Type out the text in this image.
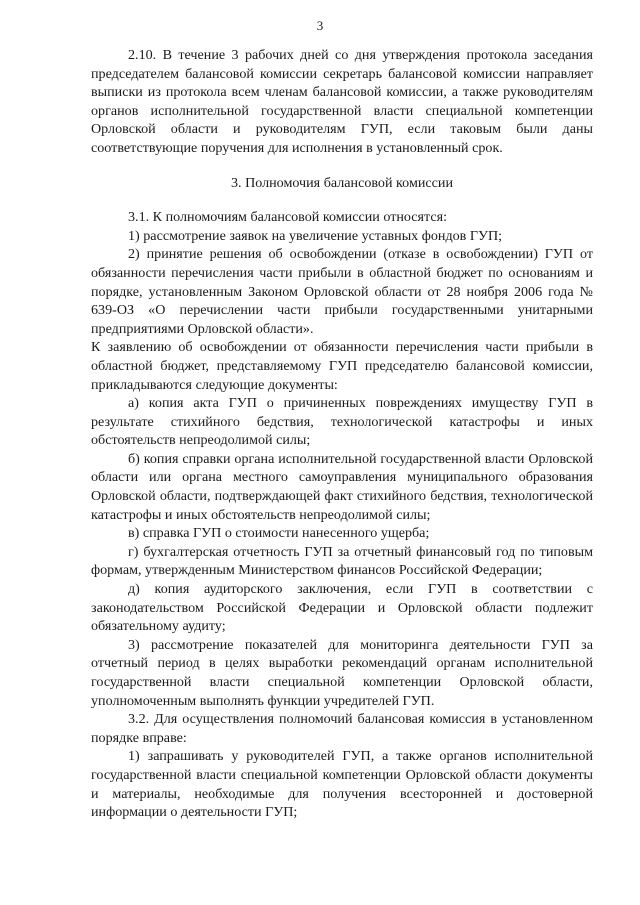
3

2.10. В течение 3 рабочих дней со дня утверждения протокола заседания председателем балансовой комиссии секретарь балансовой комиссии направляет выписки из протокола всем членам балансовой комиссии, а также руководителям органов исполнительной государственной власти специальной компетенции Орловской области и руководителям ГУП, если таковым были даны соответствующие поручения для исполнения в установленный срок.

3. Полномочия балансовой комиссии

3.1. К полномочиям балансовой комиссии относятся:

1) рассмотрение заявок на увеличение уставных фондов ГУП;

2) принятие решения об освобождении (отказе в освобождении) ГУП от обязанности перечисления части прибыли в областной бюджет по основаниям и порядке, установленным Законом Орловской области от 28 ноября 2006 года № 639-ОЗ «О перечислении части прибыли государственными унитарными предприятиями Орловской области».

К заявлению об освобождении от обязанности перечисления части прибыли в областной бюджет, представляемому ГУП председателю балансовой комиссии, прикладываются следующие документы:

а) копия акта ГУП о причиненных повреждениях имуществу ГУП в результате стихийного бедствия, технологической катастрофы и иных обстоятельств непреодолимой силы;

б) копия справки органа исполнительной государственной власти Орловской области или органа местного самоуправления муниципального образования Орловской области, подтверждающей факт стихийного бедствия, технологической катастрофы и иных обстоятельств непреодолимой силы;

в) справка ГУП о стоимости нанесенного ущерба;

г) бухгалтерская отчетность ГУП за отчетный финансовый год по типовым формам, утвержденным Министерством финансов Российской Федерации;

д) копия аудиторского заключения, если ГУП в соответствии с законодательством Российской Федерации и Орловской области подлежит обязательному аудиту;

3) рассмотрение показателей для мониторинга деятельности ГУП за отчетный период в целях выработки рекомендаций органам исполнительной государственной власти специальной компетенции Орловской области, уполномоченным выполнять функции учредителей ГУП.

3.2. Для осуществления полномочий балансовая комиссия в установленном порядке вправе:

1) запрашивать у руководителей ГУП, а также органов исполнительной государственной власти специальной компетенции Орловской области документы и материалы, необходимые для получения всесторонней и достоверной информации о деятельности ГУП;
